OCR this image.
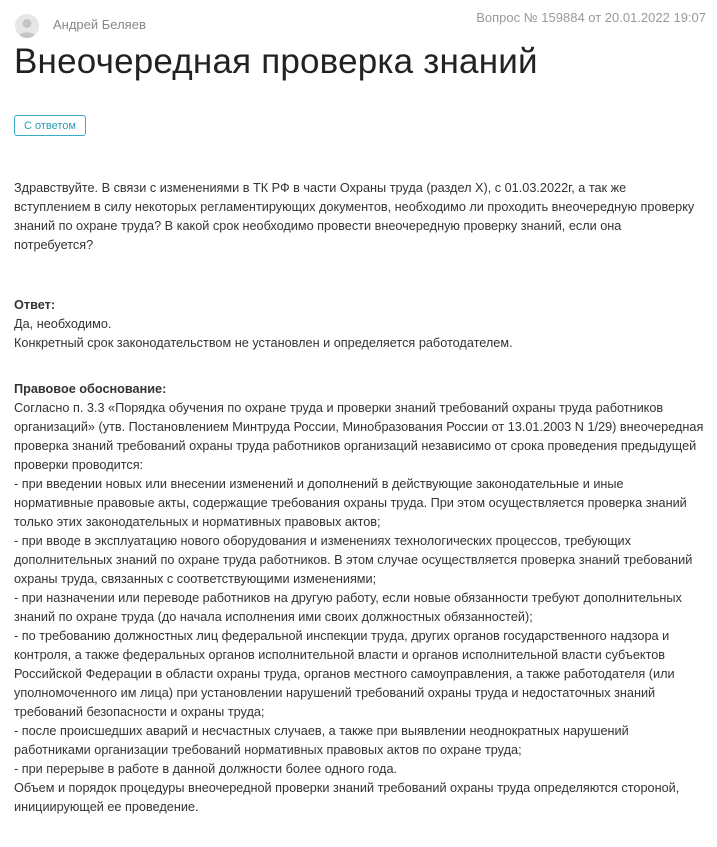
Андрей Беляев	Вопрос № 159884 от 20.01.2022 19:07
Внеочередная проверка знаний
С ответом

Здравствуйте. В связи с изменениями в ТК РФ в части Охраны труда (раздел X), с 01.03.2022г, а так же вступлением в силу некоторых регламентирующих документов, необходимо ли проходить внеочередную проверку знаний по охране труда? В какой срок необходимо провести внеочередную проверку знаний, если она потребуется?

Ответ:
Да, необходимо.
Конкретный срок законодательством не установлен и определяется работодателем.
Правовое обоснование:
Согласно п. 3.3 «Порядка обучения по охране труда и проверки знаний требований охраны труда работников организаций» (утв. Постановлением Минтруда России, Минобразования России от 13.01.2003 N 1/29) внеочередная проверка знаний требований охраны труда работников организаций независимо от срока проведения предыдущей проверки проводится:
- при введении новых или внесении изменений и дополнений в действующие законодательные и иные нормативные правовые акты, содержащие требования охраны труда. При этом осуществляется проверка знаний только этих законодательных и нормативных правовых актов;
- при вводе в эксплуатацию нового оборудования и изменениях технологических процессов, требующих дополнительных знаний по охране труда работников. В этом случае осуществляется проверка знаний требований охраны труда, связанных с соответствующими изменениями;
- при назначении или переводе работников на другую работу, если новые обязанности требуют дополнительных знаний по охране труда (до начала исполнения ими своих должностных обязанностей);
- по требованию должностных лиц федеральной инспекции труда, других органов государственного надзора и контроля, а также федеральных органов исполнительной власти и органов исполнительной власти субъектов Российской Федерации в области охраны труда, органов местного самоуправления, а также работодателя (или уполномоченного им лица) при установлении нарушений требований охраны труда и недостаточных знаний требований безопасности и охраны труда;
- после происшедших аварий и несчастных случаев, а также при выявлении неоднократных нарушений работниками организации требований нормативных правовых актов по охране труда;
- при перерыве в работе в данной должности более одного года.
Объем и порядок процедуры внеочередной проверки знаний требований охраны труда определяются стороной, инициирующей ее проведение.
